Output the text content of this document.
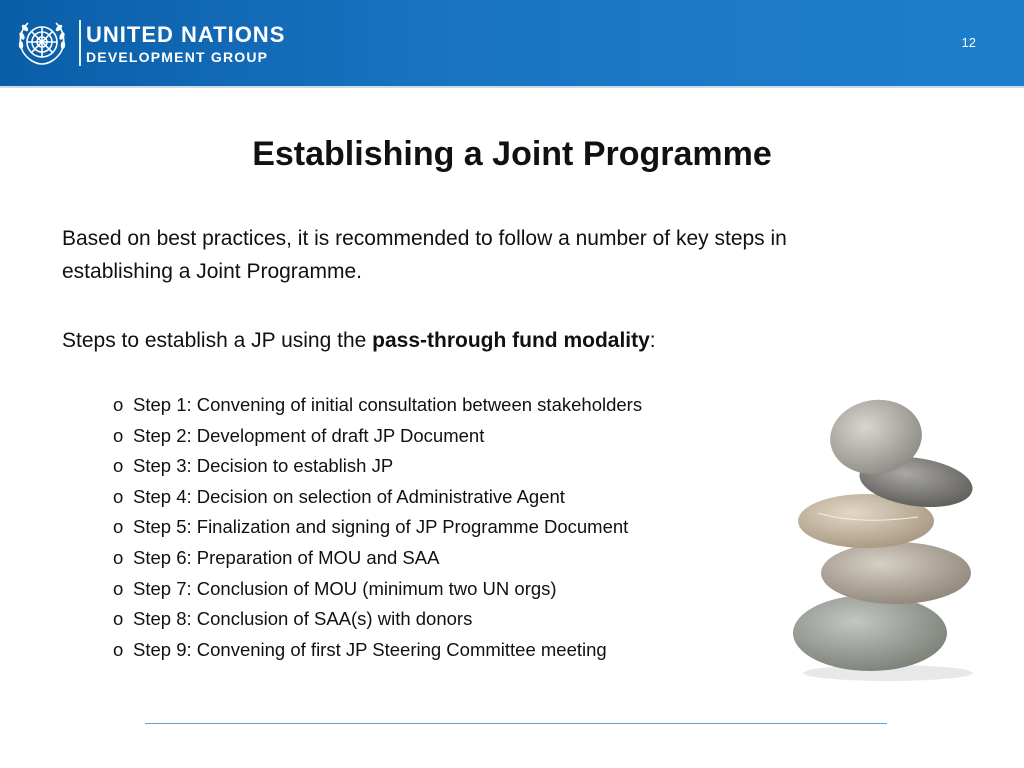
UNITED NATIONS
DEVELOPMENT GROUP
12
Establishing a Joint Programme
Based on best practices, it is recommended to follow a number of key steps in establishing a Joint Programme.
Steps to establish a JP using the pass-through fund modality:
o Step 1: Convening of initial consultation between stakeholders
o Step 2: Development of draft JP Document
o Step 3: Decision to establish JP
o Step 4: Decision on selection of Administrative Agent
o Step 5: Finalization and signing of JP Programme Document
o Step 6: Preparation of MOU and SAA
o Step 7: Conclusion of MOU (minimum two UN orgs)
o Step 8: Conclusion of SAA(s) with donors
o Step 9: Convening of first JP Steering Committee meeting
